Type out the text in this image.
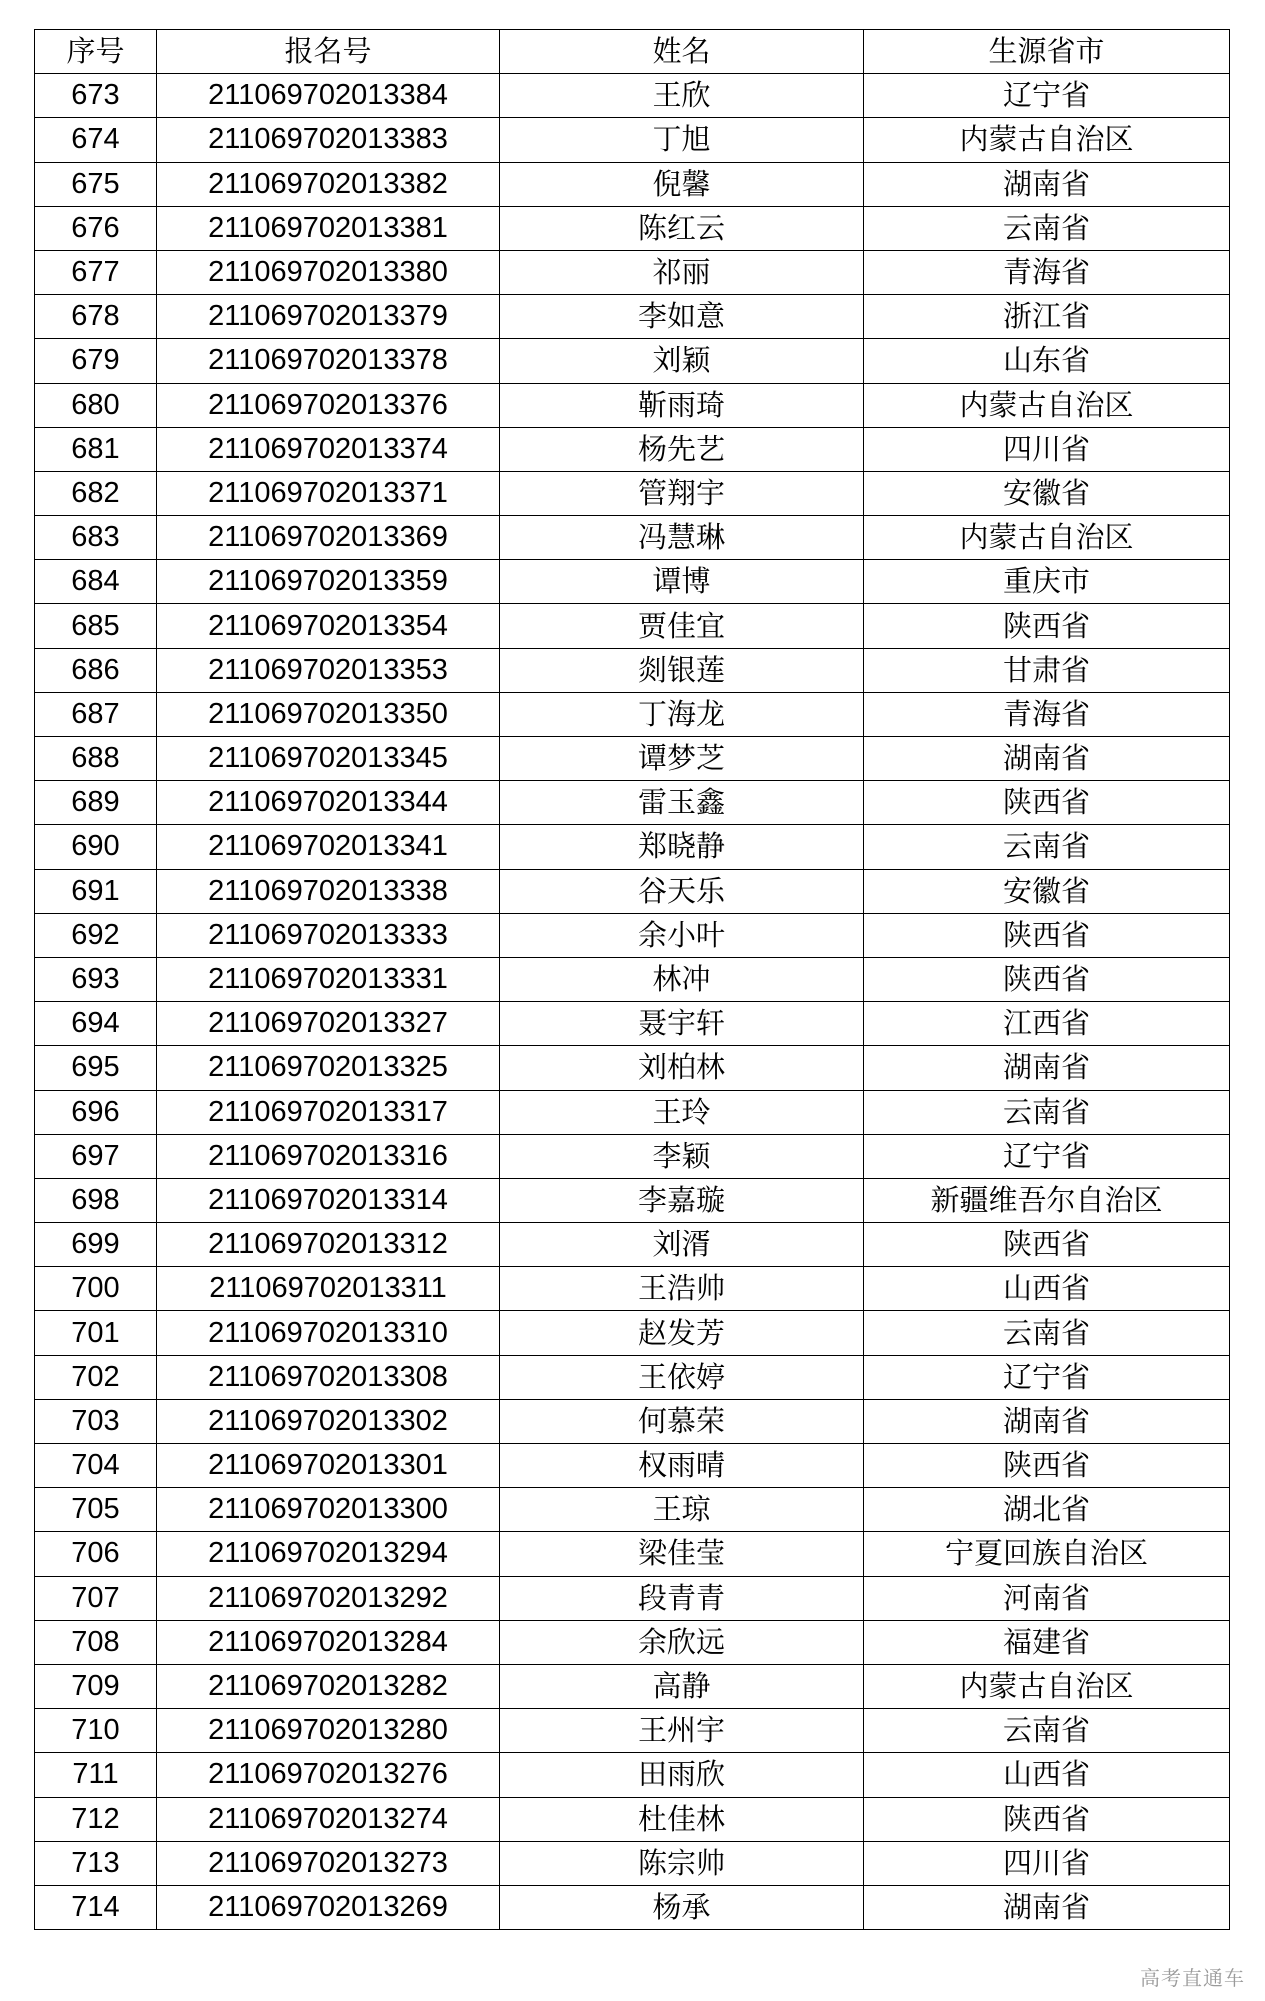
序号	报名号	姓名	生源省市
673	211069702013384	王欣	辽宁省
674	211069702013383	丁旭	内蒙古自治区
675	211069702013382	倪馨	湖南省
676	211069702013381	陈红云	云南省
677	211069702013380	祁丽	青海省
678	211069702013379	李如意	浙江省
679	211069702013378	刘颖	山东省
680	211069702013376	靳雨琦	内蒙古自治区
681	211069702013374	杨先艺	四川省
682	211069702013371	管翔宇	安徽省
683	211069702013369	冯慧琳	内蒙古自治区
684	211069702013359	谭博	重庆市
685	211069702013354	贾佳宜	陕西省
686	211069702013353	剡银莲	甘肃省
687	211069702013350	丁海龙	青海省
688	211069702013345	谭梦芝	湖南省
689	211069702013344	雷玉鑫	陕西省
690	211069702013341	郑晓静	云南省
691	211069702013338	谷天乐	安徽省
692	211069702013333	余小叶	陕西省
693	211069702013331	林冲	陕西省
694	211069702013327	聂宇轩	江西省
695	211069702013325	刘柏林	湖南省
696	211069702013317	王玲	云南省
697	211069702013316	李颖	辽宁省
698	211069702013314	李嘉璇	新疆维吾尔自治区
699	211069702013312	刘湑	陕西省
700	211069702013311	王浩帅	山西省
701	211069702013310	赵发芳	云南省
702	211069702013308	王依婷	辽宁省
703	211069702013302	何慕荣	湖南省
704	211069702013301	权雨晴	陕西省
705	211069702013300	王琼	湖北省
706	211069702013294	梁佳莹	宁夏回族自治区
707	211069702013292	段青青	河南省
708	211069702013284	余欣远	福建省
709	211069702013282	高静	内蒙古自治区
710	211069702013280	王州宇	云南省
711	211069702013276	田雨欣	山西省
712	211069702013274	杜佳林	陕西省
713	211069702013273	陈宗帅	四川省
714	211069702013269	杨承	湖南省
高考直通车
